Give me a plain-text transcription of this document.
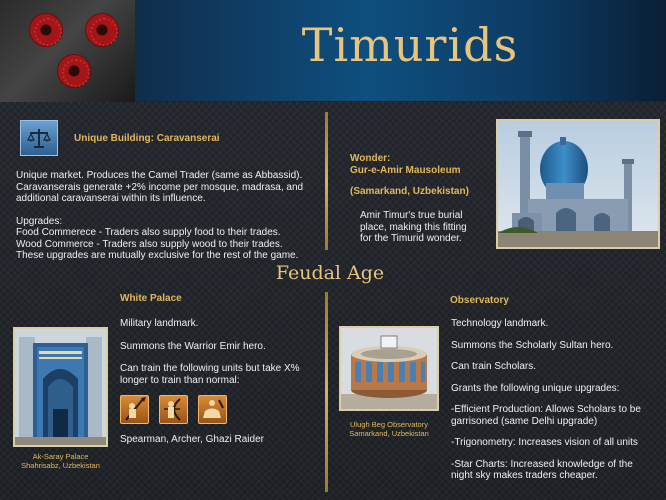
Timurids
Unique Building: Caravanserai
Unique market. Produces the Camel Trader (same as Abbassid). Caravanserais generate +2% income per mosque, madrasa, and additional caravanserai within its influence.
Upgrades:
Food Commerece - Traders also supply food to their trades.
Wood Commerce - Traders also supply wood to their trades.
These upgrades are mutually exclusive for the rest of the game.
Wonder:
Gur-e-Amir Mausoleum
(Samarkand, Uzbekistan)
Amir Timur's true burial place, making this fitting for the Timurid wonder.
Feudal Age
White Palace
Ak-Saray Palace
Shahrisabz, Uzbekistan
Military landmark.
Summons the Warrior Emir hero.
Can train the following units but take X% longer to train than normal:
Spearman, Archer, Ghazi Raider
Observatory
Ulugh Beg Observatory
Samarkand, Uzbekistan
Technology landmark.
Summons the Scholarly Sultan hero.
Can train Scholars.
Grants the following unique upgrades:
-Efficient Production: Allows Scholars to be garrisoned (same Delhi upgrade)
-Trigonometry: Increases vision of all units
-Star Charts: Increased knowledge of the night sky makes traders cheaper.
